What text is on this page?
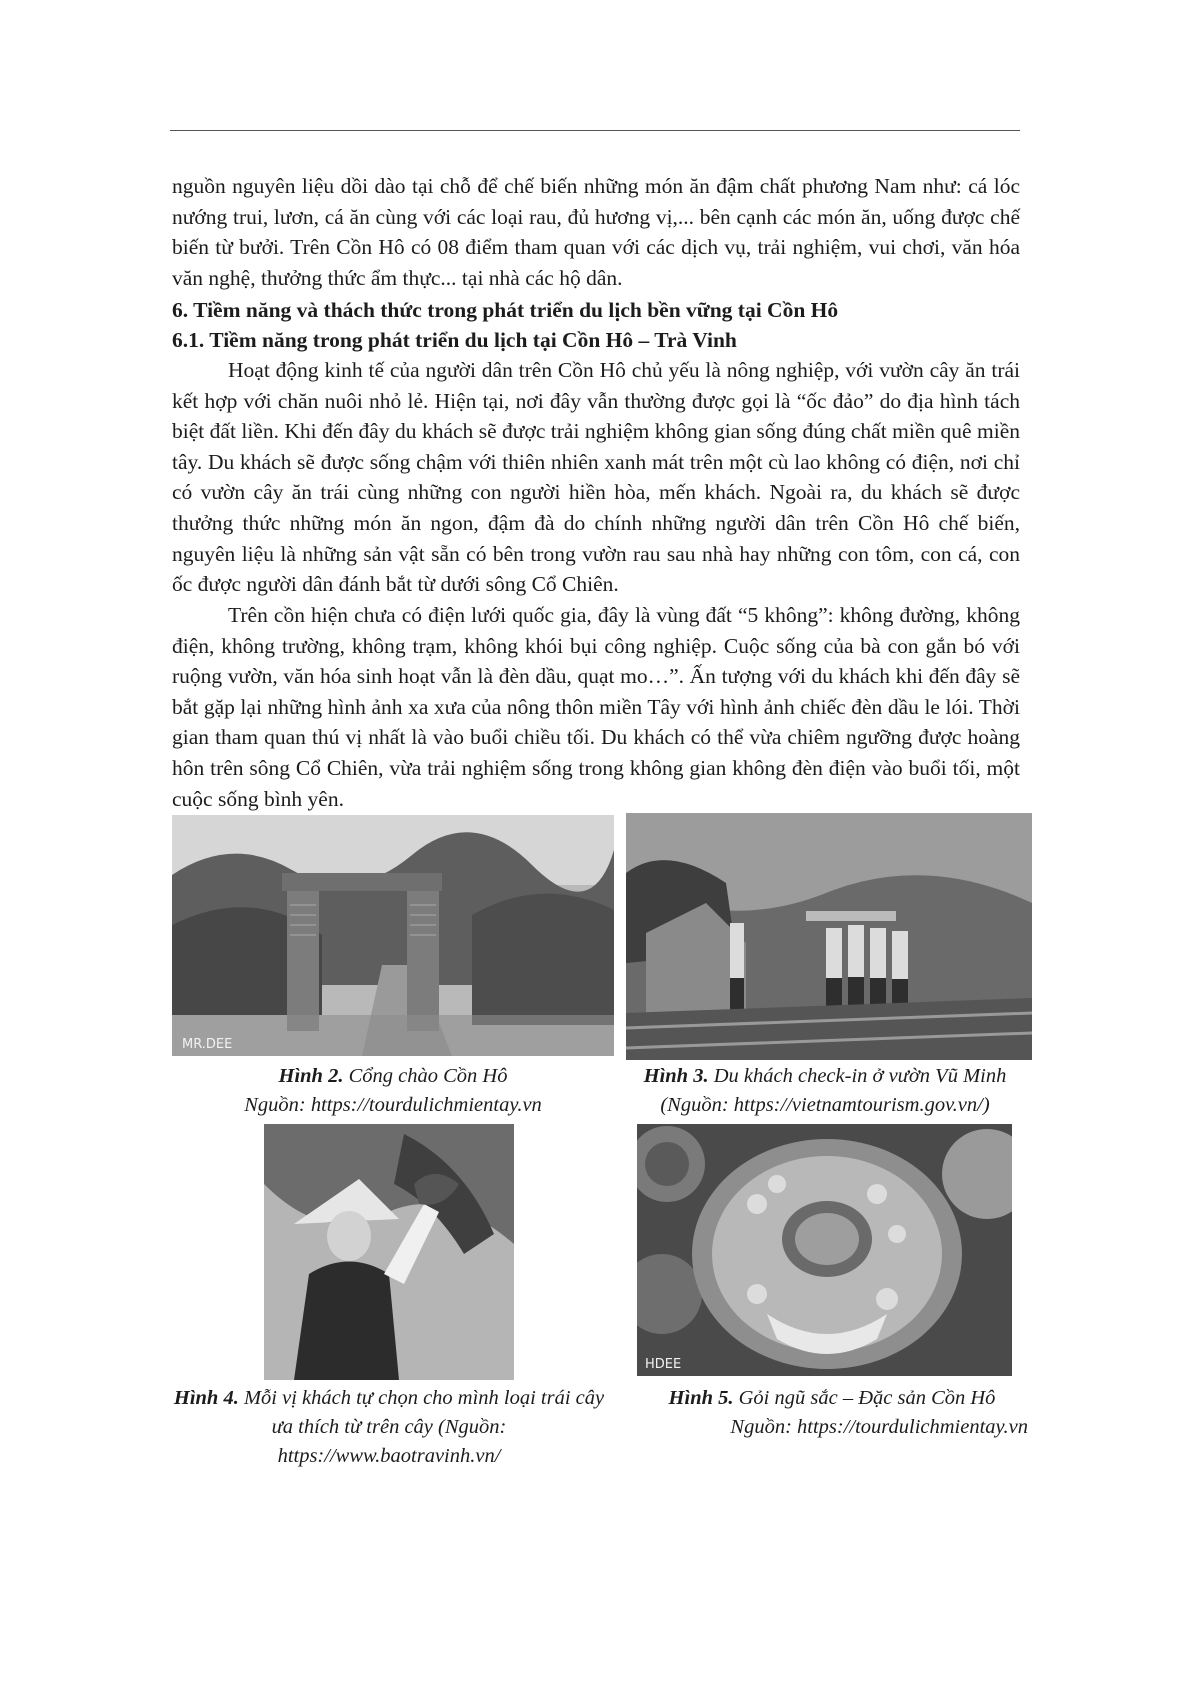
nguồn nguyên liệu dồi dào tại chỗ để chế biến những món ăn đậm chất phương Nam như: cá lóc nướng trui, lươn, cá ăn cùng với các loại rau, đủ hương vị,... bên cạnh các món ăn, uống được chế biến từ bưởi. Trên Cồn Hô có 08 điểm tham quan với các dịch vụ, trải nghiệm, vui chơi, văn hóa văn nghệ, thưởng thức ẩm thực... tại nhà các hộ dân.

6. Tiềm năng và thách thức trong phát triển du lịch bền vững tại Cồn Hô

6.1. Tiềm năng trong phát triển du lịch tại Cồn Hô – Trà Vinh

Hoạt động kinh tế của người dân trên Cồn Hô chủ yếu là nông nghiệp, với vườn cây ăn trái kết hợp với chăn nuôi nhỏ lẻ. Hiện tại, nơi đây vẫn thường được gọi là “ốc đảo” do địa hình tách biệt đất liền. Khi đến đây du khách sẽ được trải nghiệm không gian sống đúng chất miền quê miền tây. Du khách sẽ được sống chậm với thiên nhiên xanh mát trên một cù lao không có điện, nơi chỉ có vườn cây ăn trái cùng những con người hiền hòa, mến khách. Ngoài ra, du khách sẽ được thưởng thức những món ăn ngon, đậm đà do chính những người dân trên Cồn Hô chế biến, nguyên liệu là những sản vật sẵn có bên trong vườn rau sau nhà hay những con tôm, con cá, con ốc được người dân đánh bắt từ dưới sông Cổ Chiên.

Trên cồn hiện chưa có điện lưới quốc gia, đây là vùng đất “5 không”: không đường, không điện, không trường, không trạm, không khói bụi công nghiệp. Cuộc sống của bà con gắn bó với ruộng vườn, văn hóa sinh hoạt vẫn là đèn dầu, quạt mo…”. Ấn tượng với du khách khi đến đây sẽ bắt gặp lại những hình ảnh xa xưa của nông thôn miền Tây với hình ảnh chiếc đèn dầu le lói. Thời gian tham quan thú vị nhất là vào buổi chiều tối. Du khách có thể vừa chiêm ngưỡng được hoàng hôn trên sông Cổ Chiên, vừa trải nghiệm sống trong không gian không đèn điện vào buổi tối, một cuộc sống bình yên.

MR.DEE

Hình 2. Cổng chào Cồn Hô
Nguồn: https://tourdulichmientay.vn

Hình 3. Du khách check-in ở vườn Vũ Minh
(Nguồn: https://vietnamtourism.gov.vn/)

Hình 4. Mỗi vị khách tự chọn cho mình loại trái cây ưa thích từ trên cây (Nguồn: https://www.baotravinh.vn/

HDEE

Hình 5. Gỏi ngũ sắc – Đặc sản Cồn Hô

Nguồn: https://tourdulichmientay.vn
